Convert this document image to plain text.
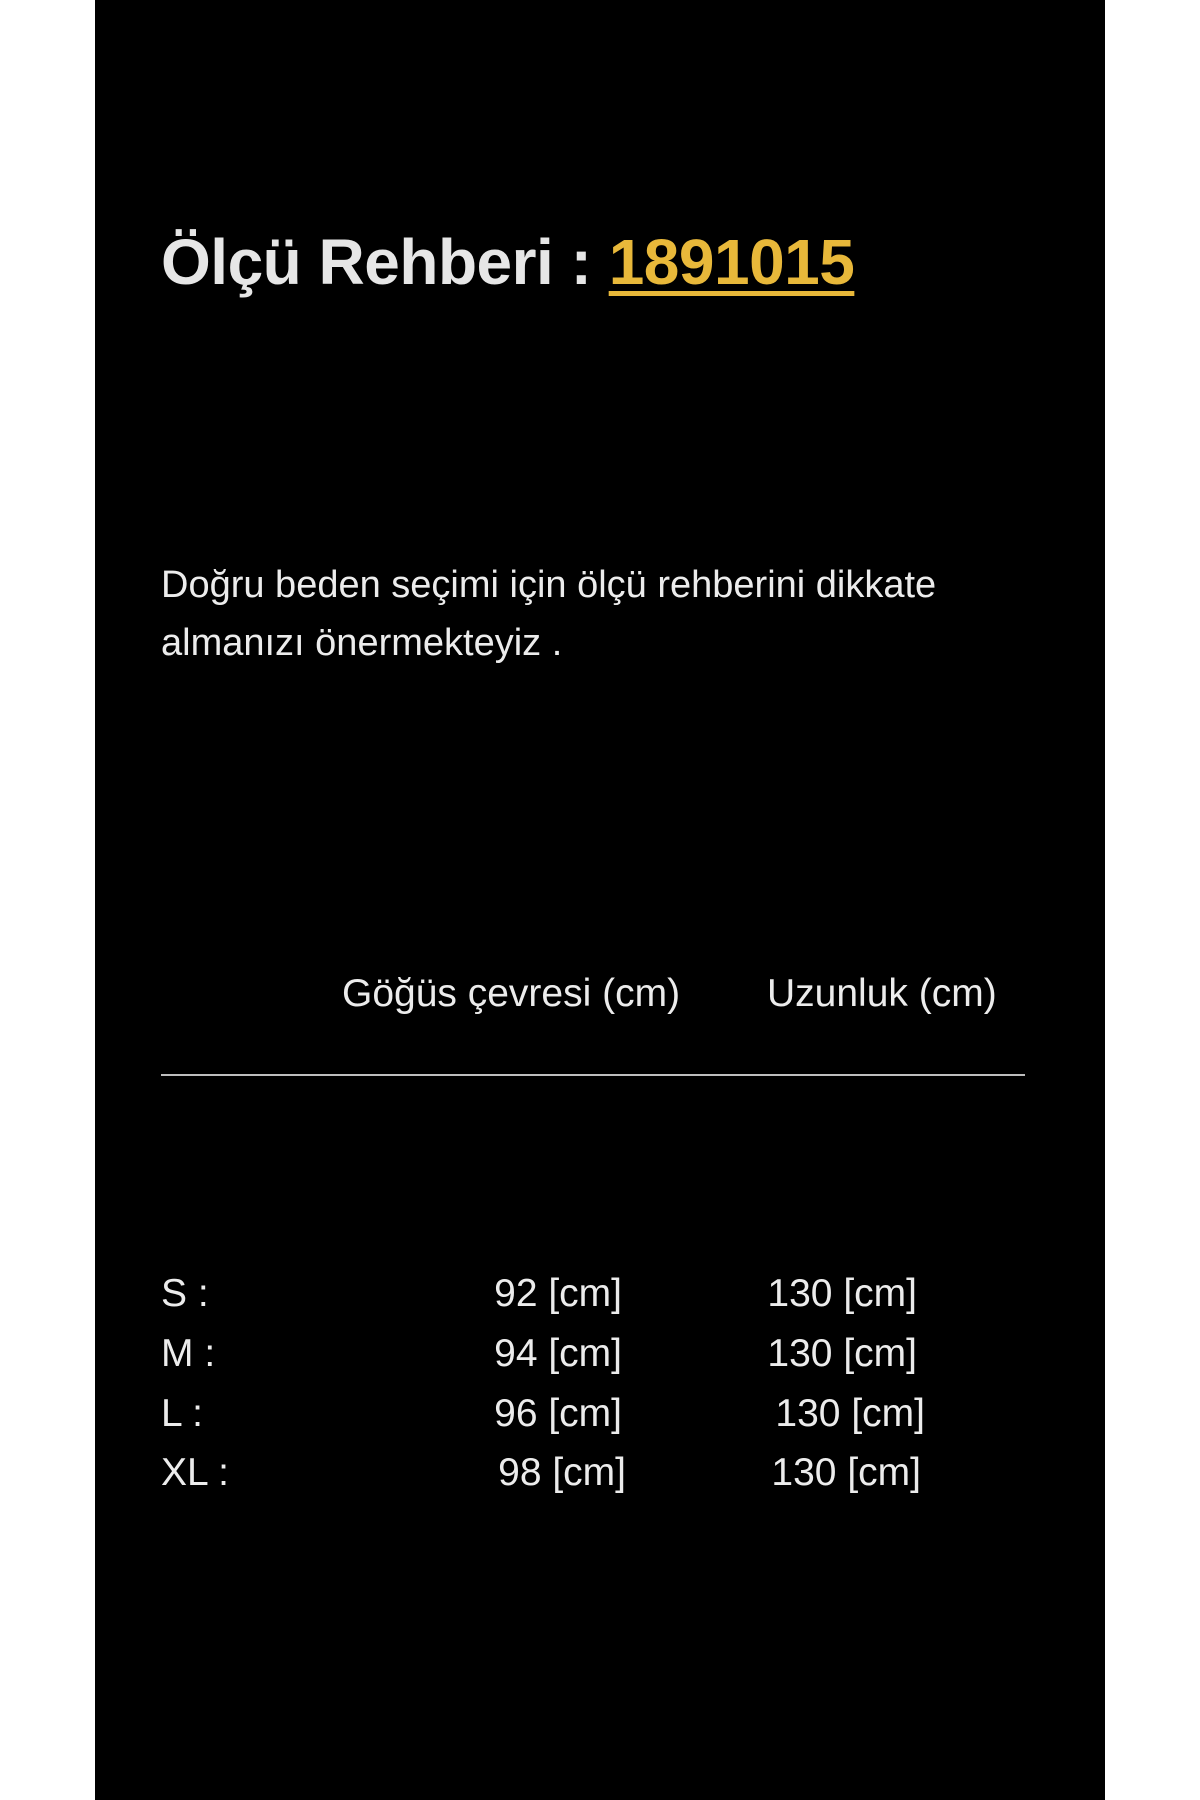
Ölçü Rehberi : 1891015
Doğru beden seçimi için ölçü rehberini dikkate almanızı önermekteyiz .
Göğüs çevresi (cm) Uzunluk (cm)
S :	92 [cm]	130 [cm]
M :	94 [cm]	130 [cm]
L :	96 [cm]	130 [cm]
XL :	98 [cm]	130 [cm]
